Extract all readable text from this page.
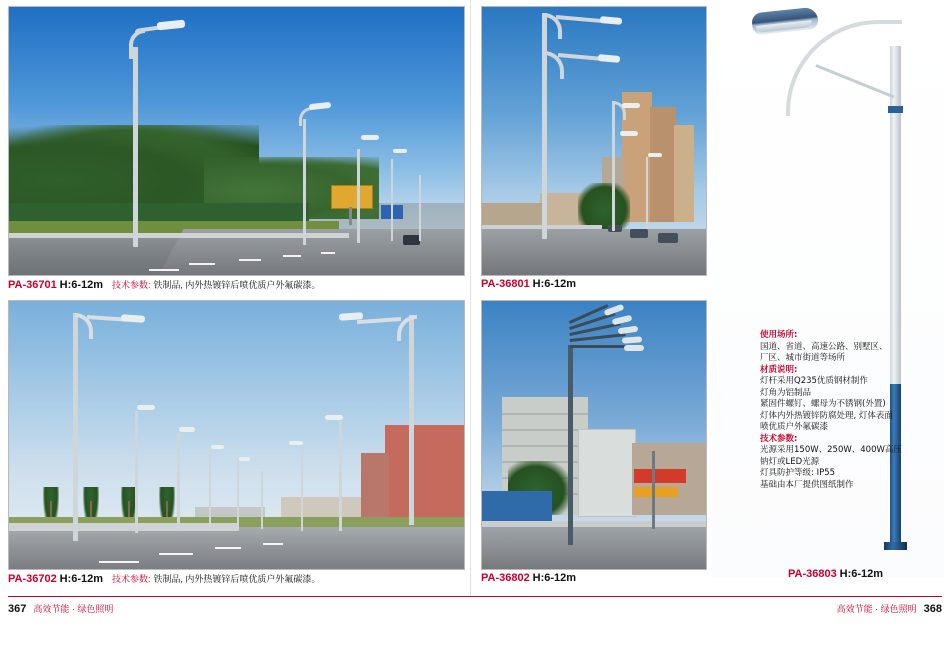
PA-36701 H:6-12m 技术参数: 铁制品, 内外热镀锌后喷优质户外氟碳漆。	PA-36801 H:6-12m
PA-36702 H:6-12m 技术参数: 铁制品, 内外热镀锌后喷优质户外氟碳漆。	PA-36802 H:6-12m
使用场所:
国道、省道、高速公路、别墅区、
厂区、城市街道等场所
材质说明:
灯杆采用Q235优质钢材制作
灯角为铝制品
紧固件螺钉、螺母为不锈钢(外置)
灯体内外热镀锌防腐处理, 灯体表面
喷优质户外氟碳漆
技术参数:
光源采用150W、250W、400W高压
钠灯或LED光源
灯具防护等级: IP55
基础由本厂提供图纸制作
PA-36803 H:6-12m
367 高效节能 · 绿色照明	高效节能 · 绿色照明 368
